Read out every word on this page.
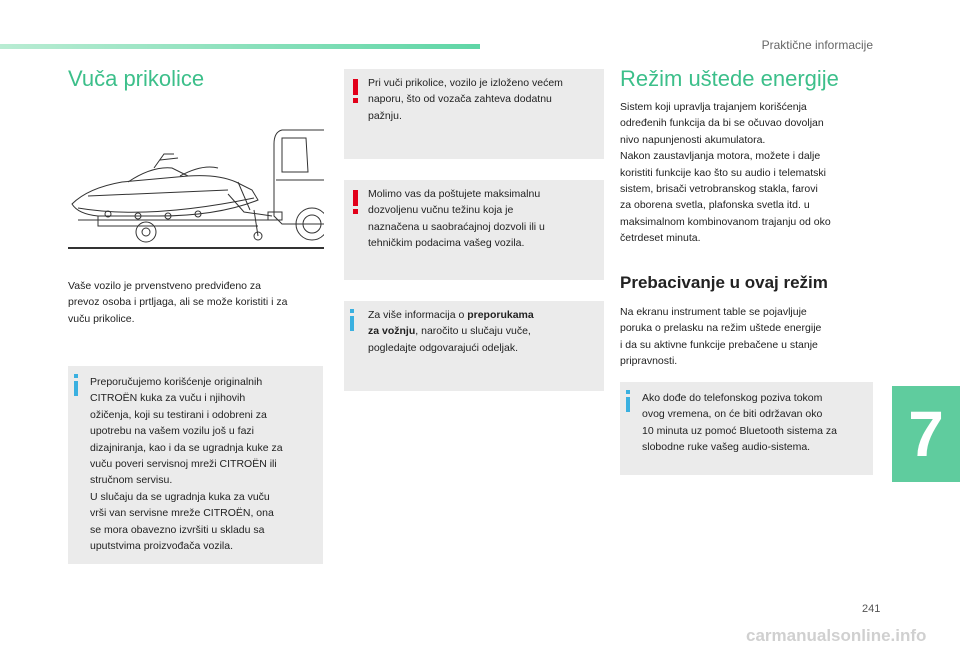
Praktične informacije
7
241
carmanualsonline.info
Vuča prikolice
Vaše vozilo je prvenstveno predviđeno za
prevoz osoba i prtljaga, ali se može koristiti i za
vuču prikolice.
Preporučujemo korišćenje originalnih
CITROËN kuka za vuču i njihovih
ožičenja, koji su testirani i odobreni za
upotrebu na vašem vozilu još u fazi
dizajniranja, kao i da se ugradnja kuke za
vuču poveri servisnoj mreži CITROËN ili
stručnom servisu.
U slučaju da se ugradnja kuka za vuču
vrši van servisne mreže CITROËN, ona
se mora obavezno izvršiti u skladu sa
uputstvima proizvođača vozila.
Pri vuči prikolice, vozilo je izloženo većem
naporu, što od vozača zahteva dodatnu
pažnju.
Molimo vas da poštujete maksimalnu
dozvoljenu vučnu težinu koja je
naznačena u saobraćajnoj dozvoli ili u
tehničkim podacima vašeg vozila.
Za više informacija o preporukama
za vožnju, naročito u slučaju vuče,
pogledajte odgovarajući odeljak.
Režim uštede energije
Sistem koji upravlja trajanjem korišćenja
određenih funkcija da bi se očuvao dovoljan
nivo napunjenosti akumulatora.
Nakon zaustavljanja motora, možete i dalje
koristiti funkcije kao što su audio i telematski
sistem, brisači vetrobranskog stakla, farovi
za oborena svetla, plafonska svetla itd. u
maksimalnom kombinovanom trajanju od oko
četrdeset minuta.
Prebacivanje u ovaj režim
Na ekranu instrument table se pojavljuje
poruka o prelasku na režim uštede energije
i da su aktivne funkcije prebačene u stanje
pripravnosti.
Ako dođe do telefonskog poziva tokom
ovog vremena, on će biti održavan oko
10 minuta uz pomoć Bluetooth sistema za
slobodne ruke vašeg audio-sistema.
